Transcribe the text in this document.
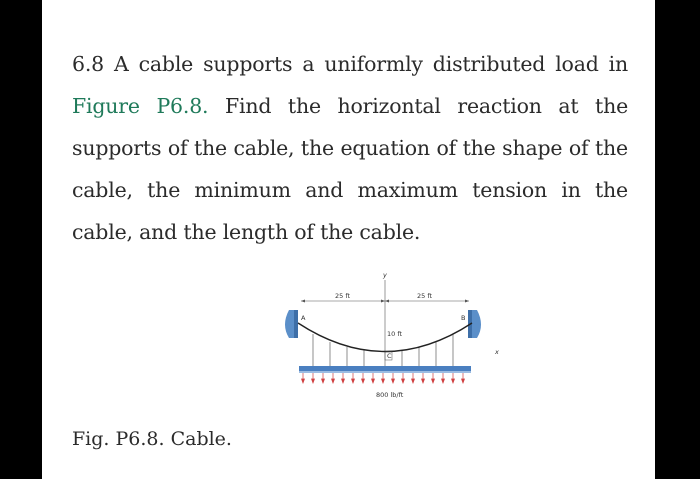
6.8 A cable supports a uniformly distributed load in Figure P6.8. Find the horizontal reaction at the supports of the cable, the equation of the shape of the cable, the minimum and maximum tension in the cable, and the length of the cable.

y
25 ft	25 ft
A	B
10 ft
C	x
800 lb/ft
Fig. P6.8. Cable.
